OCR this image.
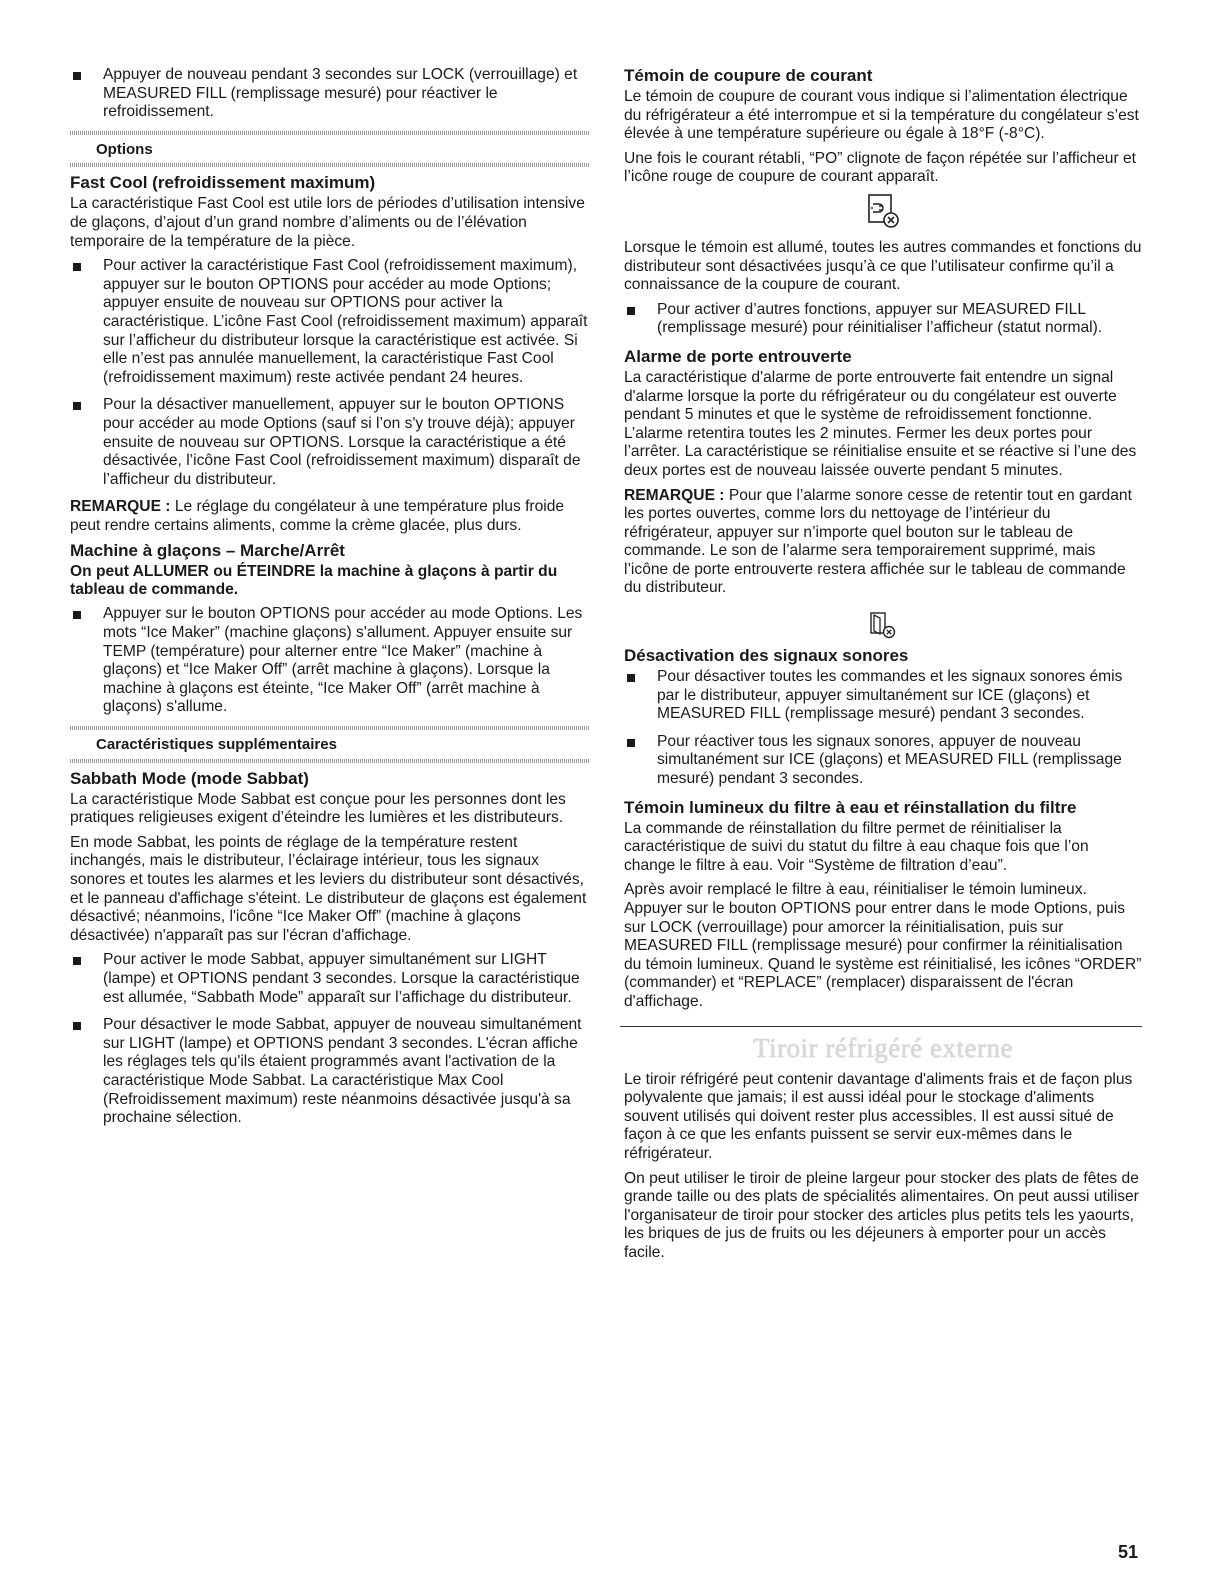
Appuyer de nouveau pendant 3 secondes sur LOCK (verrouillage) et MEASURED FILL (remplissage mesuré) pour réactiver le refroidissement.
Options
Fast Cool (refroidissement maximum)

La caractéristique Fast Cool est utile lors de périodes d’utilisation intensive de glaçons, d’ajout d’un grand nombre d’aliments ou de l’élévation temporaire de la température de la pièce.

Pour activer la caractéristique Fast Cool (refroidissement maximum), appuyer sur le bouton OPTIONS pour accéder au mode Options; appuyer ensuite de nouveau sur OPTIONS pour activer la caractéristique. L’icône Fast Cool (refroidissement maximum) apparaît sur l’afficheur du distributeur lorsque la caractéristique est activée. Si elle n’est pas annulée manuellement, la caractéristique Fast Cool (refroidissement maximum) reste activée pendant 24 heures.
Pour la désactiver manuellement, appuyer sur le bouton OPTIONS pour accéder au mode Options (sauf si l’on s'y trouve déjà); appuyer ensuite de nouveau sur OPTIONS. Lorsque la caractéristique a été désactivée, l’icône Fast Cool (refroidissement maximum) disparaît de l’afficheur du distributeur.

REMARQUE : Le réglage du congélateur à une température plus froide peut rendre certains aliments, comme la crème glacée, plus durs.

Machine à glaçons – Marche/Arrêt
On peut ALLUMER ou ÉTEINDRE la machine à glaçons à partir du tableau de commande.
Appuyer sur le bouton OPTIONS pour accéder au mode Options. Les mots “Ice Maker” (machine glaçons) s'allument. Appuyer ensuite sur TEMP (température) pour alterner entre “Ice Maker” (machine à glaçons) et “Ice Maker Off” (arrêt machine à glaçons). Lorsque la machine à glaçons est éteinte, “Ice Maker Off” (arrêt machine à glaçons) s'allume.
Caractéristiques supplémentaires
Sabbath Mode (mode Sabbat)

La caractéristique Mode Sabbat est conçue pour les personnes dont les pratiques religieuses exigent d’éteindre les lumières et les distributeurs.

En mode Sabbat, les points de réglage de la température restent inchangés, mais le distributeur, l’éclairage intérieur, tous les signaux sonores et toutes les alarmes et les leviers du distributeur sont désactivés, et le panneau d'affichage s'éteint. Le distributeur de glaçons est également désactivé; néanmoins, l'icône “Ice Maker Off” (machine à glaçons désactivée) n'apparaît pas sur l'écran d'affichage.

Pour activer le mode Sabbat, appuyer simultanément sur LIGHT (lampe) et OPTIONS pendant 3 secondes. Lorsque la caractéristique est allumée, “Sabbath Mode” apparaît sur l’affichage du distributeur.
Pour désactiver le mode Sabbat, appuyer de nouveau simultanément sur LIGHT (lampe) et OPTIONS pendant 3 secondes. L'écran affiche les réglages tels qu'ils étaient programmés avant l'activation de la caractéristique Mode Sabbat. La caractéristique Max Cool (Refroidissement maximum) reste néanmoins désactivée jusqu'à sa prochaine sélection.
Témoin de coupure de courant

Le témoin de coupure de courant vous indique si l’alimentation électrique du réfrigérateur a été interrompue et si la température du congélateur s’est élevée à une température supérieure ou égale à 18°F (-8°C).

Une fois le courant rétabli, “PO” clignote de façon répétée sur l’afficheur et l’icône rouge de coupure de courant apparaît.

Lorsque le témoin est allumé, toutes les autres commandes et fonctions du distributeur sont désactivées jusqu’à ce que l’utilisateur confirme qu’il a connaissance de la coupure de courant.

Pour activer d’autres fonctions, appuyer sur MEASURED FILL (remplissage mesuré) pour réinitialiser l’afficheur (statut normal).
Alarme de porte entrouverte

La caractéristique d'alarme de porte entrouverte fait entendre un signal d'alarme lorsque la porte du réfrigérateur ou du congélateur est ouverte pendant 5 minutes et que le système de refroidissement fonctionne. L’alarme retentira toutes les 2 minutes. Fermer les deux portes pour l’arrêter. La caractéristique se réinitialise ensuite et se réactive si l’une des deux portes est de nouveau laissée ouverte pendant 5 minutes.

REMARQUE : Pour que l’alarme sonore cesse de retentir tout en gardant les portes ouvertes, comme lors du nettoyage de l’intérieur du réfrigérateur, appuyer sur n’importe quel bouton sur le tableau de commande. Le son de l’alarme sera temporairement supprimé, mais l’icône de porte entrouverte restera affichée sur le tableau de commande du distributeur.

Désactivation des signaux sonores
Pour désactiver toutes les commandes et les signaux sonores émis par le distributeur, appuyer simultanément sur ICE (glaçons) et MEASURED FILL (remplissage mesuré) pendant 3 secondes.
Pour réactiver tous les signaux sonores, appuyer de nouveau simultanément sur ICE (glaçons) et MEASURED FILL (remplissage mesuré) pendant 3 secondes.
Témoin lumineux du filtre à eau et réinstallation du filtre

La commande de réinstallation du filtre permet de réinitialiser la caractéristique de suivi du statut du filtre à eau chaque fois que l’on change le filtre à eau. Voir “Système de filtration d’eau”.

Après avoir remplacé le filtre à eau, réinitialiser le témoin lumineux. Appuyer sur le bouton OPTIONS pour entrer dans le mode Options, puis sur LOCK (verrouillage) pour amorcer la réinitialisation, puis sur MEASURED FILL (remplissage mesuré) pour confirmer la réinitialisation du témoin lumineux. Quand le système est réinitialisé, les icônes “ORDER” (commander) et “REPLACE” (remplacer) disparaissent de l'écran d'affichage.

Tiroir réfrigéré externe

Le tiroir réfrigéré peut contenir davantage d'aliments frais et de façon plus polyvalente que jamais; il est aussi idéal pour le stockage d'aliments souvent utilisés qui doivent rester plus accessibles. Il est aussi situé de façon à ce que les enfants puissent se servir eux-mêmes dans le réfrigérateur.

On peut utiliser le tiroir de pleine largeur pour stocker des plats de fêtes de grande taille ou des plats de spécialités alimentaires. On peut aussi utiliser l'organisateur de tiroir pour stocker des articles plus petits tels les yaourts, les briques de jus de fruits ou les déjeuners à emporter pour un accès facile.

51
